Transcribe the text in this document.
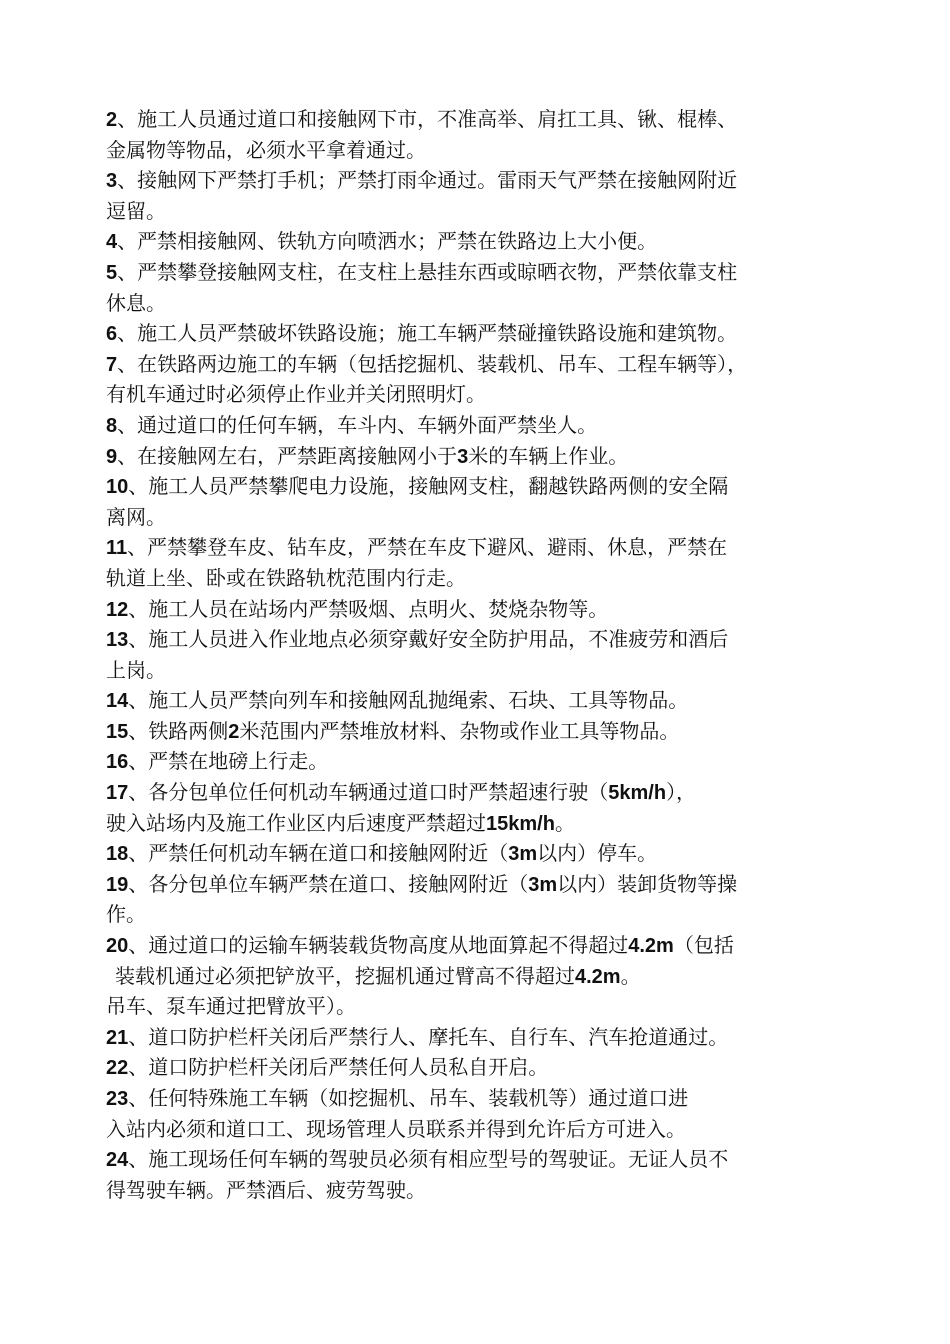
2、施工人员通过道口和接触网下市，不准高举、肩扛工具、锹、棍棒、
金属物等物品，必须水平拿着通过。
3、接触网下严禁打手机；严禁打雨伞通过。雷雨天气严禁在接触网附近
逗留。
4、严禁相接触网、铁轨方向喷洒水；严禁在铁路边上大小便。
5、严禁攀登接触网支柱，在支柱上悬挂东西或晾晒衣物，严禁依靠支柱
休息。
6、施工人员严禁破坏铁路设施；施工车辆严禁碰撞铁路设施和建筑物。
7、在铁路两边施工的车辆（包括挖掘机、装载机、吊车、工程车辆等），
有机车通过时必须停止作业并关闭照明灯。
8、通过道口的任何车辆，车斗内、车辆外面严禁坐人。
9、在接触网左右，严禁距离接触网小于3米的车辆上作业。
10、施工人员严禁攀爬电力设施，接触网支柱，翻越铁路两侧的安全隔
离网。
11、严禁攀登车皮、钻车皮，严禁在车皮下避风、避雨、休息，严禁在
轨道上坐、卧或在铁路轨枕范围内行走。
12、施工人员在站场内严禁吸烟、点明火、焚烧杂物等。
13、施工人员进入作业地点必须穿戴好安全防护用品，不准疲劳和酒后
上岗。
14、施工人员严禁向列车和接触网乱抛绳索、石块、工具等物品。
15、铁路两侧2米范围内严禁堆放材料、杂物或作业工具等物品。
16、严禁在地磅上行走。
17、各分包单位任何机动车辆通过道口时严禁超速行驶（5km/h），
驶入站场内及施工作业区内后速度严禁超过15km/h。
18、严禁任何机动车辆在道口和接触网附近（3m以内）停车。
19、各分包单位车辆严禁在道口、接触网附近（3m以内）装卸货物等操
作。
20、通过道口的运输车辆装载货物高度从地面算起不得超过4.2m（包括
装载机通过必须把铲放平，挖掘机通过臂高不得超过4.2m。
吊车、泵车通过把臂放平）。
21、道口防护栏杆关闭后严禁行人、摩托车、自行车、汽车抢道通过。
22、道口防护栏杆关闭后严禁任何人员私自开启。
23、任何特殊施工车辆（如挖掘机、吊车、装载机等）通过道口进
入站内必须和道口工、现场管理人员联系并得到允许后方可进入。
24、施工现场任何车辆的驾驶员必须有相应型号的驾驶证。无证人员不
得驾驶车辆。严禁酒后、疲劳驾驶。
